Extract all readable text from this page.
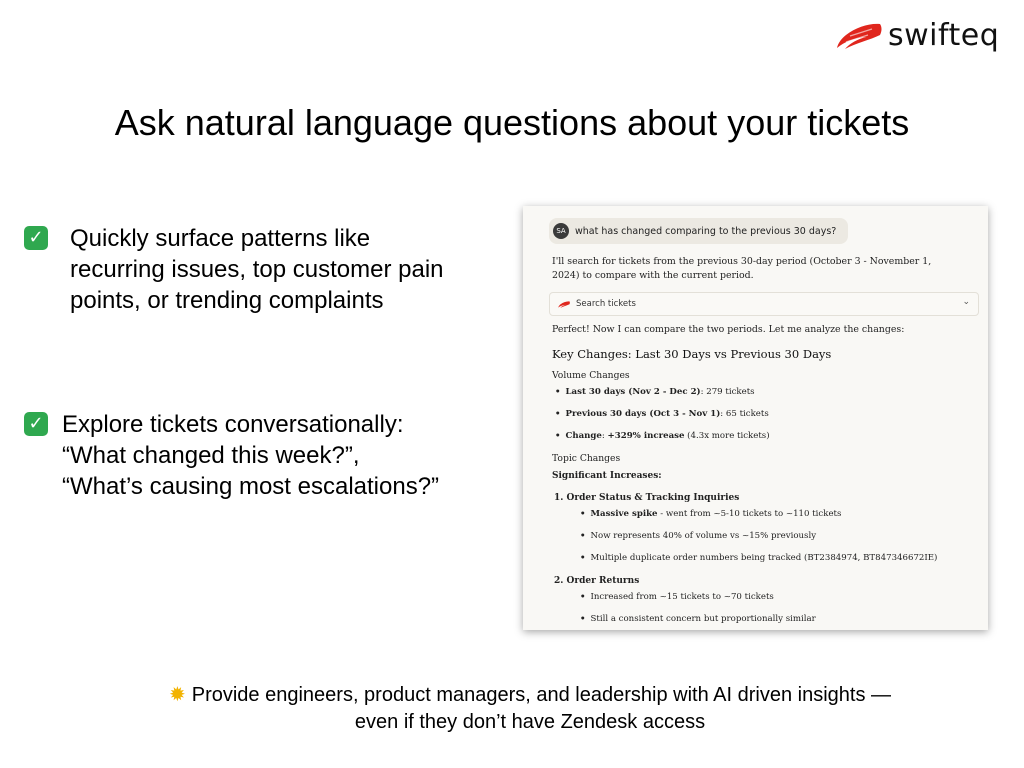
swifteq
Ask natural language questions about your tickets
✓ Quickly surface patterns like
recurring issues, top customer pain
points, or trending complaints
✓ Explore tickets conversationally:
“What changed this week?”,
“What’s causing most escalations?”
SA what has changed comparing to the previous 30 days?
I'll search for tickets from the previous 30-day period (October 3 - November 1, 2024) to compare with the current period.
Search tickets	⌄
Perfect! Now I can compare the two periods. Let me analyze the changes:
Key Changes: Last 30 Days vs Previous 30 Days
Volume Changes
• Last 30 days (Nov 2 - Dec 2): 279 tickets
• Previous 30 days (Oct 3 - Nov 1): 65 tickets
• Change: +329% increase (4.3x more tickets)
Topic Changes
Significant Increases:
1. Order Status & Tracking Inquiries
• Massive spike - went from ~5-10 tickets to ~110 tickets
• Now represents 40% of volume vs ~15% previously
• Multiple duplicate order numbers being tracked (BT2384974, BT847346672IE)
2. Order Returns
• Increased from ~15 tickets to ~70 tickets
• Still a consistent concern but proportionally similar
✹ Provide engineers, product managers, and leadership with AI driven insights —
even if they don’t have Zendesk access
